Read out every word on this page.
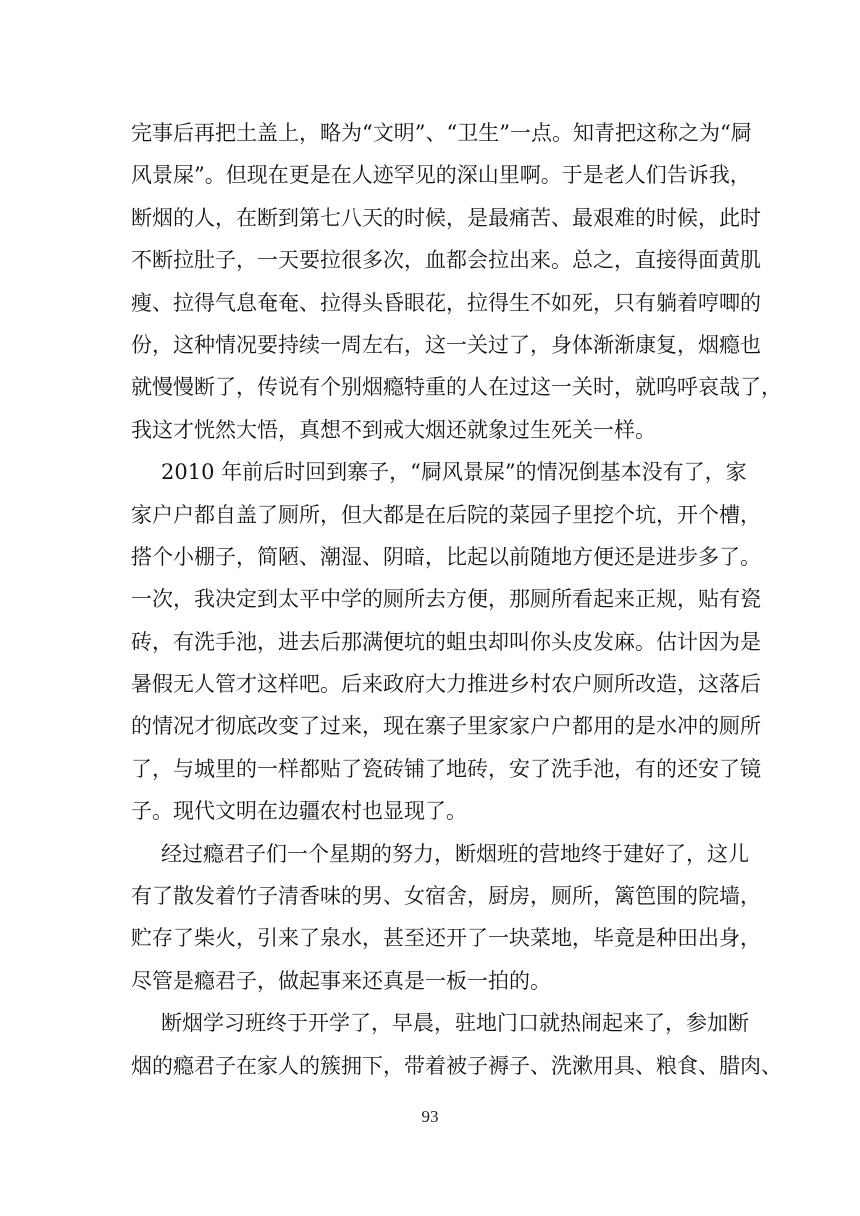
完事后再把土盖上，略为“文明”、“卫生”一点。知青把这称之为“屙
风景屎”。但现在更是在人迹罕见的深山里啊。于是老人们告诉我，
断烟的人，在断到第七八天的时候，是最痛苦、最艰难的时候，此时
不断拉肚子，一天要拉很多次，血都会拉出来。总之，直接得面黄肌
瘦、拉得气息奄奄、拉得头昏眼花，拉得生不如死，只有躺着哼唧的
份，这种情况要持续一周左右，这一关过了，身体渐渐康复，烟瘾也
就慢慢断了，传说有个别烟瘾特重的人在过这一关时，就呜呼哀哉了，
我这才恍然大悟，真想不到戒大烟还就象过生死关一样。
2010 年前后时回到寨子，“屙风景屎”的情况倒基本没有了，家
家户户都自盖了厕所，但大都是在后院的菜园子里挖个坑，开个槽，
搭个小棚子，简陋、潮湿、阴暗，比起以前随地方便还是进步多了。
一次，我决定到太平中学的厕所去方便，那厕所看起来正规，贴有瓷
砖，有洗手池，进去后那满便坑的蛆虫却叫你头皮发麻。估计因为是
暑假无人管才这样吧。后来政府大力推进乡村农户厕所改造，这落后
的情况才彻底改变了过来，现在寨子里家家户户都用的是水冲的厕所
了，与城里的一样都贴了瓷砖铺了地砖，安了洗手池，有的还安了镜
子。现代文明在边疆农村也显现了。
经过瘾君子们一个星期的努力，断烟班的营地终于建好了，这儿
有了散发着竹子清香味的男、女宿舍，厨房，厕所，篱笆围的院墙，
贮存了柴火，引来了泉水，甚至还开了一块菜地，毕竟是种田出身，
尽管是瘾君子，做起事来还真是一板一拍的。
断烟学习班终于开学了，早晨，驻地门口就热闹起来了，参加断
烟的瘾君子在家人的簇拥下，带着被子褥子、洗漱用具、粮食、腊肉、
93
